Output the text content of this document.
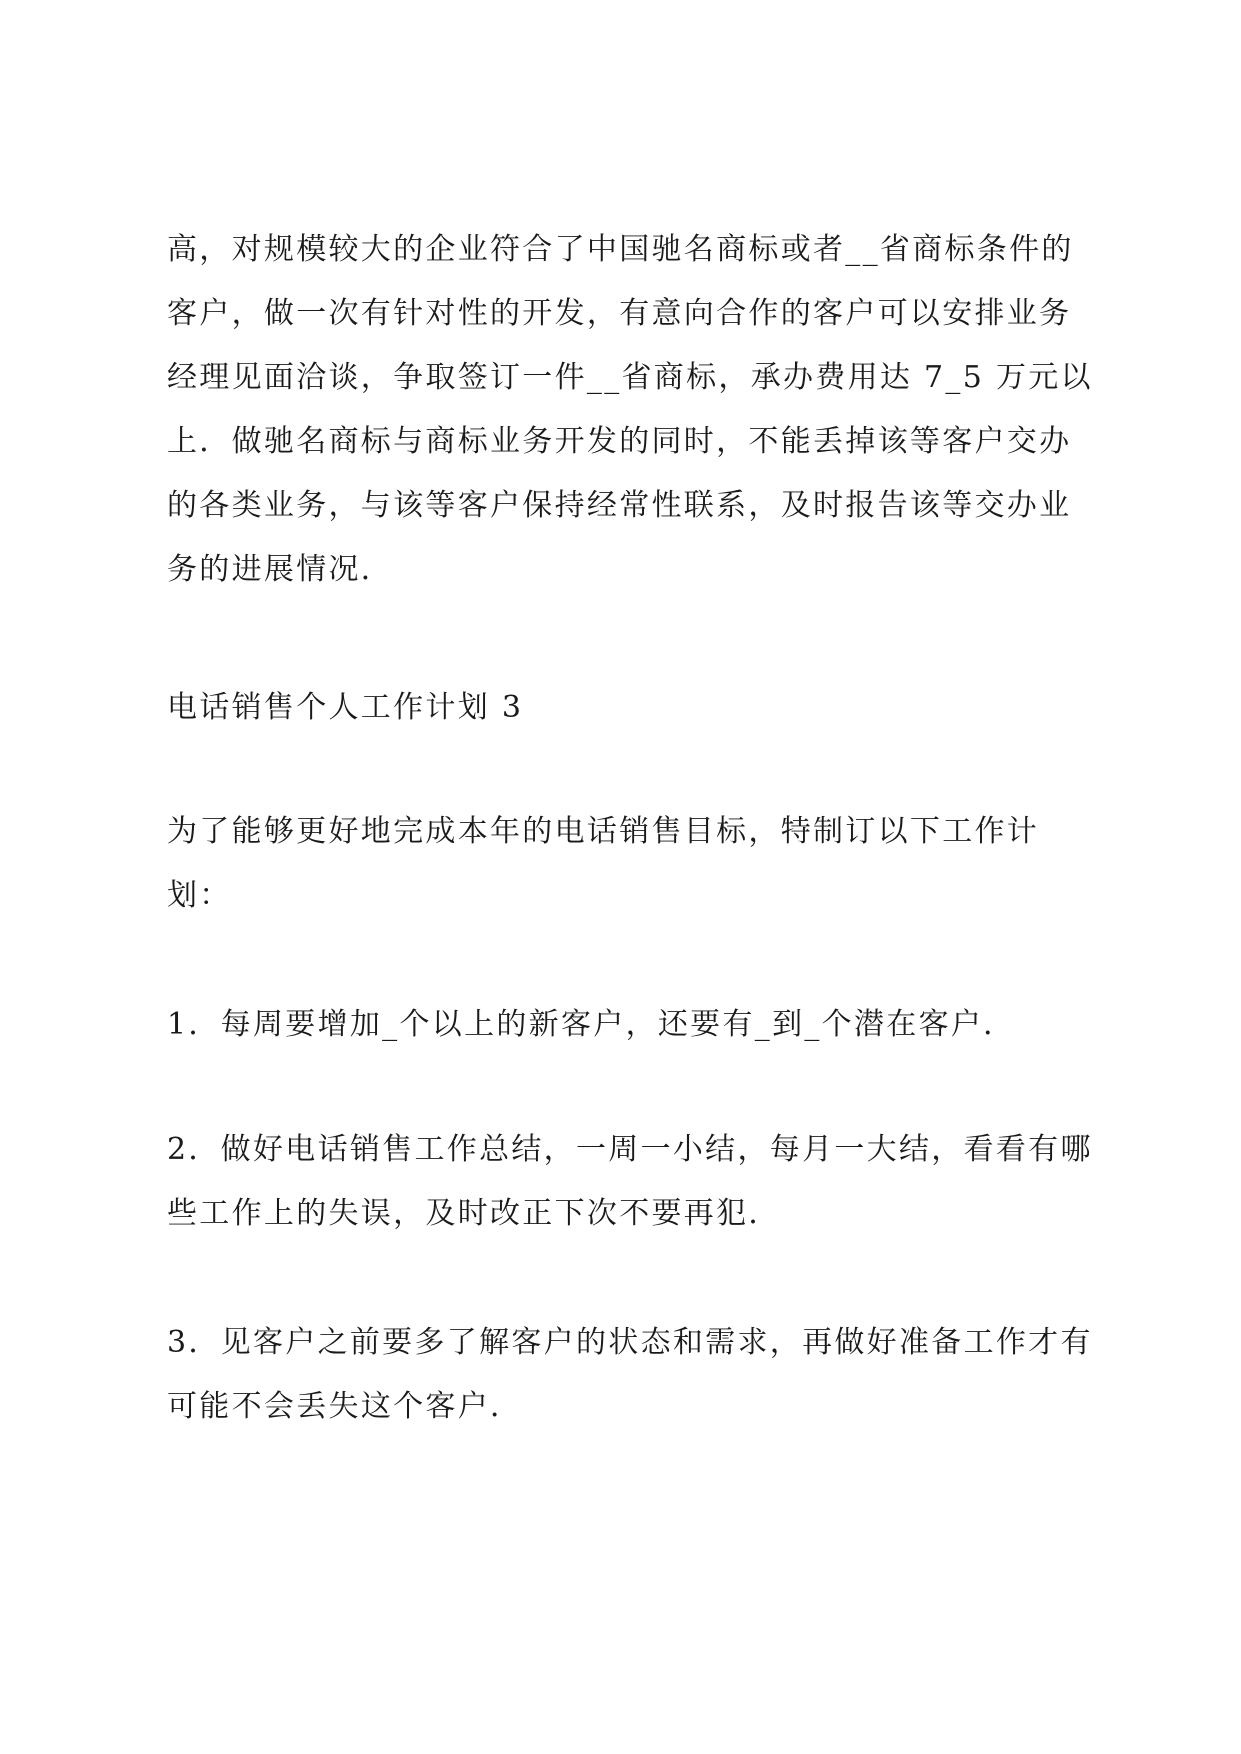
高，对规模较大的企业符合了中国驰名商标或者__省商标条件的
客户，做一次有针对性的开发，有意向合作的客户可以安排业务
经理见面洽谈，争取签订一件__省商标，承办费用达 7_5 万元以
上．做驰名商标与商标业务开发的同时，不能丢掉该等客户交办
的各类业务，与该等客户保持经常性联系，及时报告该等交办业
务的进展情况．

电话销售个人工作计划 3

为了能够更好地完成本年的电话销售目标，特制订以下工作计
划：

1．每周要增加_个以上的新客户，还要有_到_个潜在客户．

2．做好电话销售工作总结，一周一小结，每月一大结，看看有哪
些工作上的失误，及时改正下次不要再犯．

3．见客户之前要多了解客户的状态和需求，再做好准备工作才有
可能不会丢失这个客户．
